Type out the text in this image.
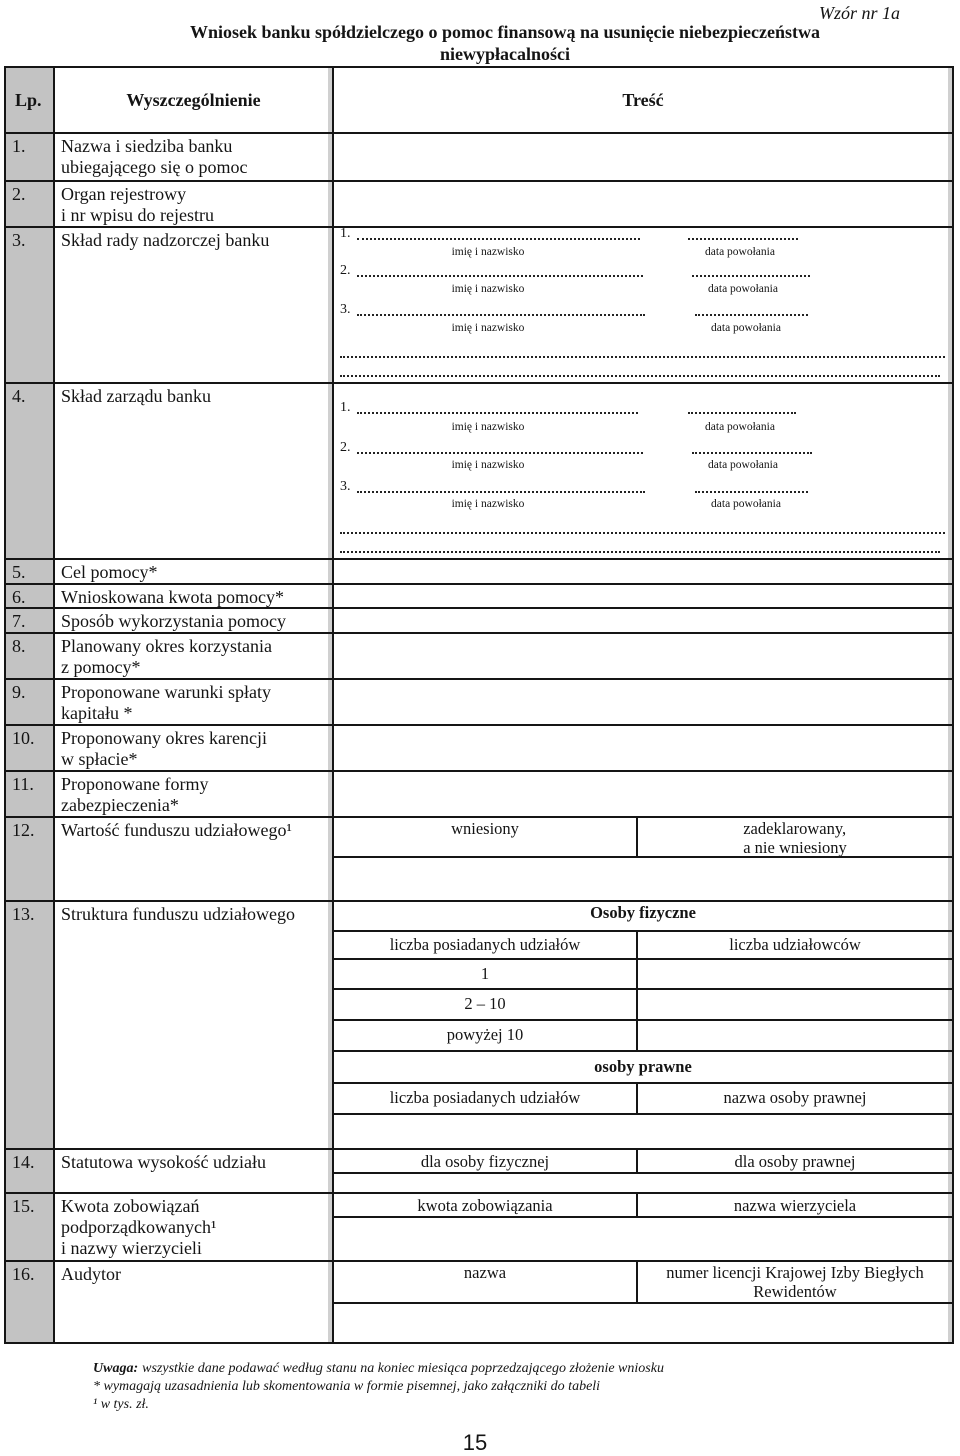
Wzór nr 1a
Wniosek banku spółdzielczego o pomoc finansową na usunięcie niebezpieczeństwa
niewypłacalności
Lp.	Wyszczególnienie	Treść
1.	Nazwa i siedziba banku
ubiegającego się o pomoc
2.	Organ rejestrowy
i nr wpisu do rejestru
3.	Skład rady nadzorczej banku	1.
imię i nazwisko	data powołania
2.
imię i nazwisko	data powołania
3.
imię i nazwisko	data powołania
4.	Skład zarządu banku
1.
imię i nazwisko	data powołania
2.
imię i nazwisko	data powołania
3.
imię i nazwisko	data powołania
5.	Cel pomocy*
6.	Wnioskowana kwota pomocy*
7.	Sposób wykorzystania pomocy
8.	Planowany okres korzystania
z pomocy*
9.	Proponowane warunki spłaty
kapitału *
10.	Proponowany okres karencji
w spłacie*
11.	Proponowane formy
zabezpieczenia*
12.	Wartość funduszu udziałowego¹	wniesiony	zadeklarowany,
a nie wniesiony
13.	Struktura funduszu udziałowego	Osoby fizyczne
liczba posiadanych udziałów	liczba udziałowców
1
2 – 10
powyżej 10
osoby prawne
liczba posiadanych udziałów	nazwa osoby prawnej
14.	Statutowa wysokość udziału	dla osoby fizycznej	dla osoby prawnej
15.	Kwota zobowiązań
podporządkowanych¹
i nazwy wierzycieli
kwota zobowiązania	nazwa wierzyciela
16.	Audytor	nazwa	numer licencji Krajowej Izby Biegłych
Rewidentów
Uwaga: wszystkie dane podawać według stanu na koniec miesiąca poprzedzającego złożenie wniosku
* wymagają uzasadnienia lub skomentowania w formie pisemnej, jako załączniki do tabeli
¹ w tys. zł.
15
